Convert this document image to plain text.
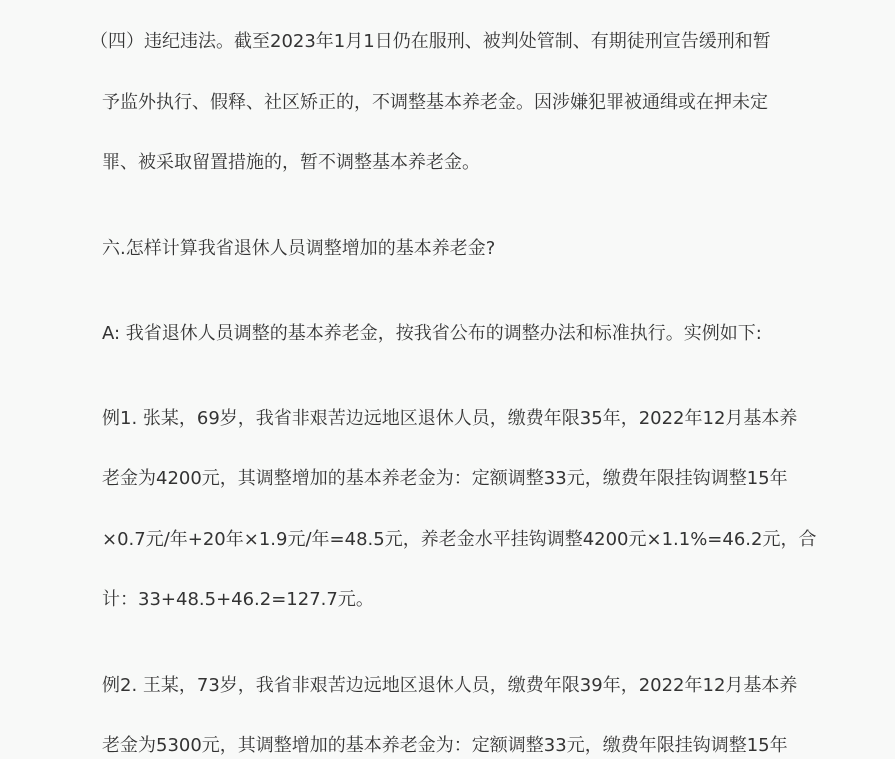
（四）违纪违法。截至2023年1月1日仍在服刑、被判处管制、有期徒刑宣告缓刑和暂
予监外执行、假释、社区矫正的，不调整基本养老金。因涉嫌犯罪被通缉或在押未定
罪、被采取留置措施的，暂不调整基本养老金。
六.怎样计算我省退休人员调整增加的基本养老金?
A: 我省退休人员调整的基本养老金，按我省公布的调整办法和标准执行。实例如下:
例1. 张某，69岁，我省非艰苦边远地区退休人员，缴费年限35年，2022年12月基本养
老金为4200元，其调整增加的基本养老金为：定额调整33元，缴费年限挂钩调整15年
×0.7元/年+20年×1.9元/年=48.5元，养老金水平挂钩调整4200元×1.1%=46.2元，合
计：33+48.5+46.2=127.7元。
例2. 王某，73岁，我省非艰苦边远地区退休人员，缴费年限39年，2022年12月基本养
老金为5300元，其调整增加的基本养老金为：定额调整33元，缴费年限挂钩调整15年
